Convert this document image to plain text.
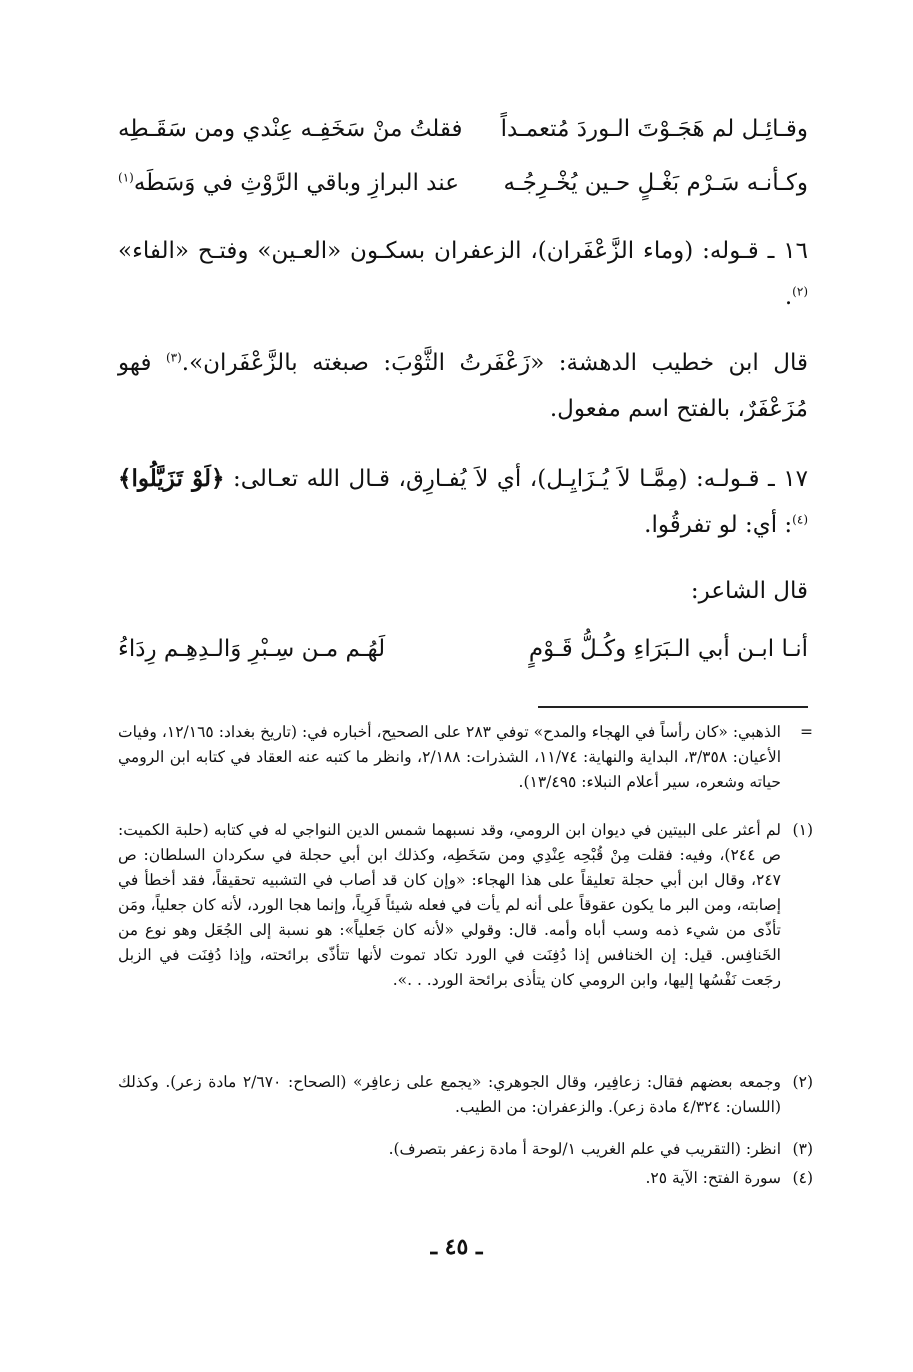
وقـائِـل لم هَجَـوْتَ الـوردَ مُتعمـداً
فقلتُ منْ سَخَفِـه عِنْدي ومن سَقَـطِه
وكـأنـه سَـرْم بَغْـلٍ حـين يُخْـرِجُـه
عند البرازِ وباقي الرَّوْثِ في وَسَطَه$^{(١)}$

١٦ ـ قـوله: (وماء الزَّعْفَران)، الزعفران بسكـون «العـين» وفتـح «الفاء» $^{(٢)}$.

قال ابن خطيب الدهشة: «زَعْفَرتُ الثَّوْبَ: صبغته بالزَّعْفَران».$^{(٣)}$ فهو مُزَعْفَرٌ، بالفتح اسم مفعول.

١٧ ـ قـولـه: (مِمَّـا لاَ يُـزَايِـل)، أي لاَ يُفـارِق، قـال الله تعـالى: ﴿لَوْ تَزَيَّلُوا﴾$^{(٤)}$: أي: لو تفرقُوا.

قال الشاعر:

أنـا ابـن أبي الـبَرَاءِ وكُـلُّ قَـوْمٍ
لَهُـم مـن سِـبْرِ وَالـدِهِـم رِدَاءُ

=
الذهبي: «كان رأساً في الهجاء والمدح» توفي ٢٨٣ على الصحيح، أخباره في: (تاريخ بغداد: ١٢/١٦٥، وفيات الأعيان: ٣/٣٥٨، البداية والنهاية: ١١/٧٤، الشذرات: ٢/١٨٨، وانظر ما كتبه عنه العقاد في كتابه ابن الرومي حياته وشعره، سير أعلام النبلاء: ١٣/٤٩٥).

(١)
لم أعثر على البيتين في ديوان ابن الرومي، وقد نسبهما شمس الدين النواجي له في كتابه (حلبة الكميت: ص ٢٤٤)، وفيه: فقلت مِنْ قُبْحِه عِنْدِي ومن سَخَطِه، وكذلك ابن أبي حجلة في سكردان السلطان: ص ٢٤٧، وقال ابن أبي حجلة تعليقاً على هذا الهجاء: «وإن كان قد أصاب في التشبيه تحقيقاً، فقد أخطأ في إصابته، ومن البر ما يكون عقوقاً على أنه لم يأت في فعله شيئاً فَرِياً، وإنما هجا الورد، لأنه كان جعلياً، ومَن تأذّى من شيء ذمه وسب أباه وأمه. قال: وقولي «لأنه كان جَعلياً»: هو نسبة إلى الجُعَل وهو نوع من الخَنافِس. قيل: إن الخنافس إذا دُفِنَت في الورد تكاد تموت لأنها تتأذّى برائحته، وإذا دُفِنَت في الزبل رجَعت نَفْسُها إليها، وابن الرومي كان يتأذى برائحة الورد. . .».

(٢)
وجمعه بعضهم فقال: زعافِير، وقال الجوهري: «يجمع على زعافِر» (الصحاح: ٢/٦٧٠ مادة زعر). وكذلك (اللسان: ٤/٣٢٤ مادة زعر). والزعفران: من الطيب.

(٣)
انظر: (التقريب في علم الغريب ١/لوحة أ مادة زعفر بتصرف).

(٤)
سورة الفتح: الآية ٢٥.

ـ ٤٥ ـ
